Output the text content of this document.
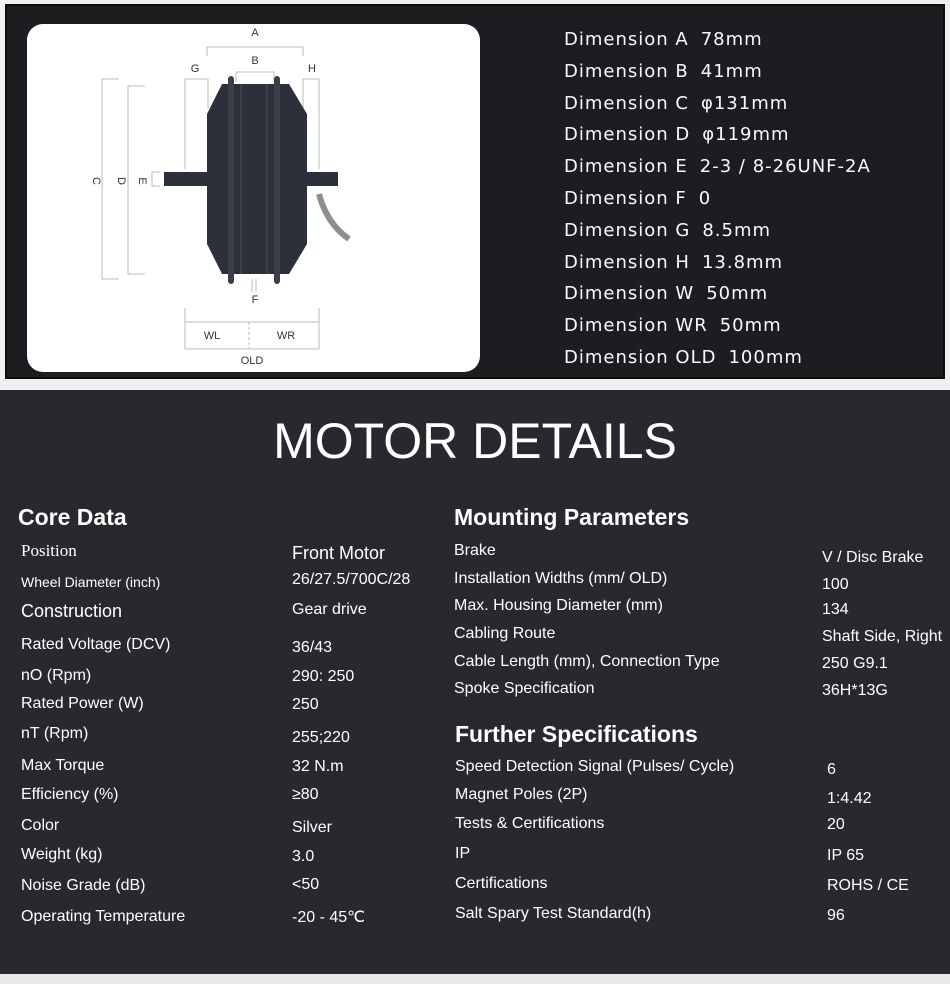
A
B
G	H
C D E
F
WL	WR
OLD
Dimension A 78mm
Dimension B 41mm
Dimension C φ131mm
Dimension D φ119mm
Dimension E 2-3 / 8-26UNF-2A
Dimension F 0
Dimension G 8.5mm
Dimension H 13.8mm
Dimension W 50mm
Dimension WR 50mm
Dimension OLD 100mm
MOTOR DETAILS
Core Data	Mounting Parameters
Further Specifications
Position	Front Motor
Wheel Diameter (inch)	26/27.5/700C/28
Construction	Gear drive
Rated Voltage (DCV)	36/43
nO (Rpm)	290: 250
Rated Power (W)	250
nT (Rpm)	255;220
Max Torque	32 N.m
Efficiency (%)	≥80
Color	Silver
Weight (kg)	3.0
Noise Grade (dB)	<50
Operating Temperature	-20 - 45℃
Brake	V / Disc Brake
Installation Widths (mm/ OLD)	100
Max. Housing Diameter (mm)	134
Cabling Route	Shaft Side, Right
Cable Length (mm), Connection Type	250 G9.1
Spoke Specification	36H*13G
Speed Detection Signal (Pulses/ Cycle)	6
Magnet Poles (2P)	1:4.42
Tests & Certifications	20
IP	IP 65
Certifications	ROHS / CE
Salt Spary Test Standard(h)	96
